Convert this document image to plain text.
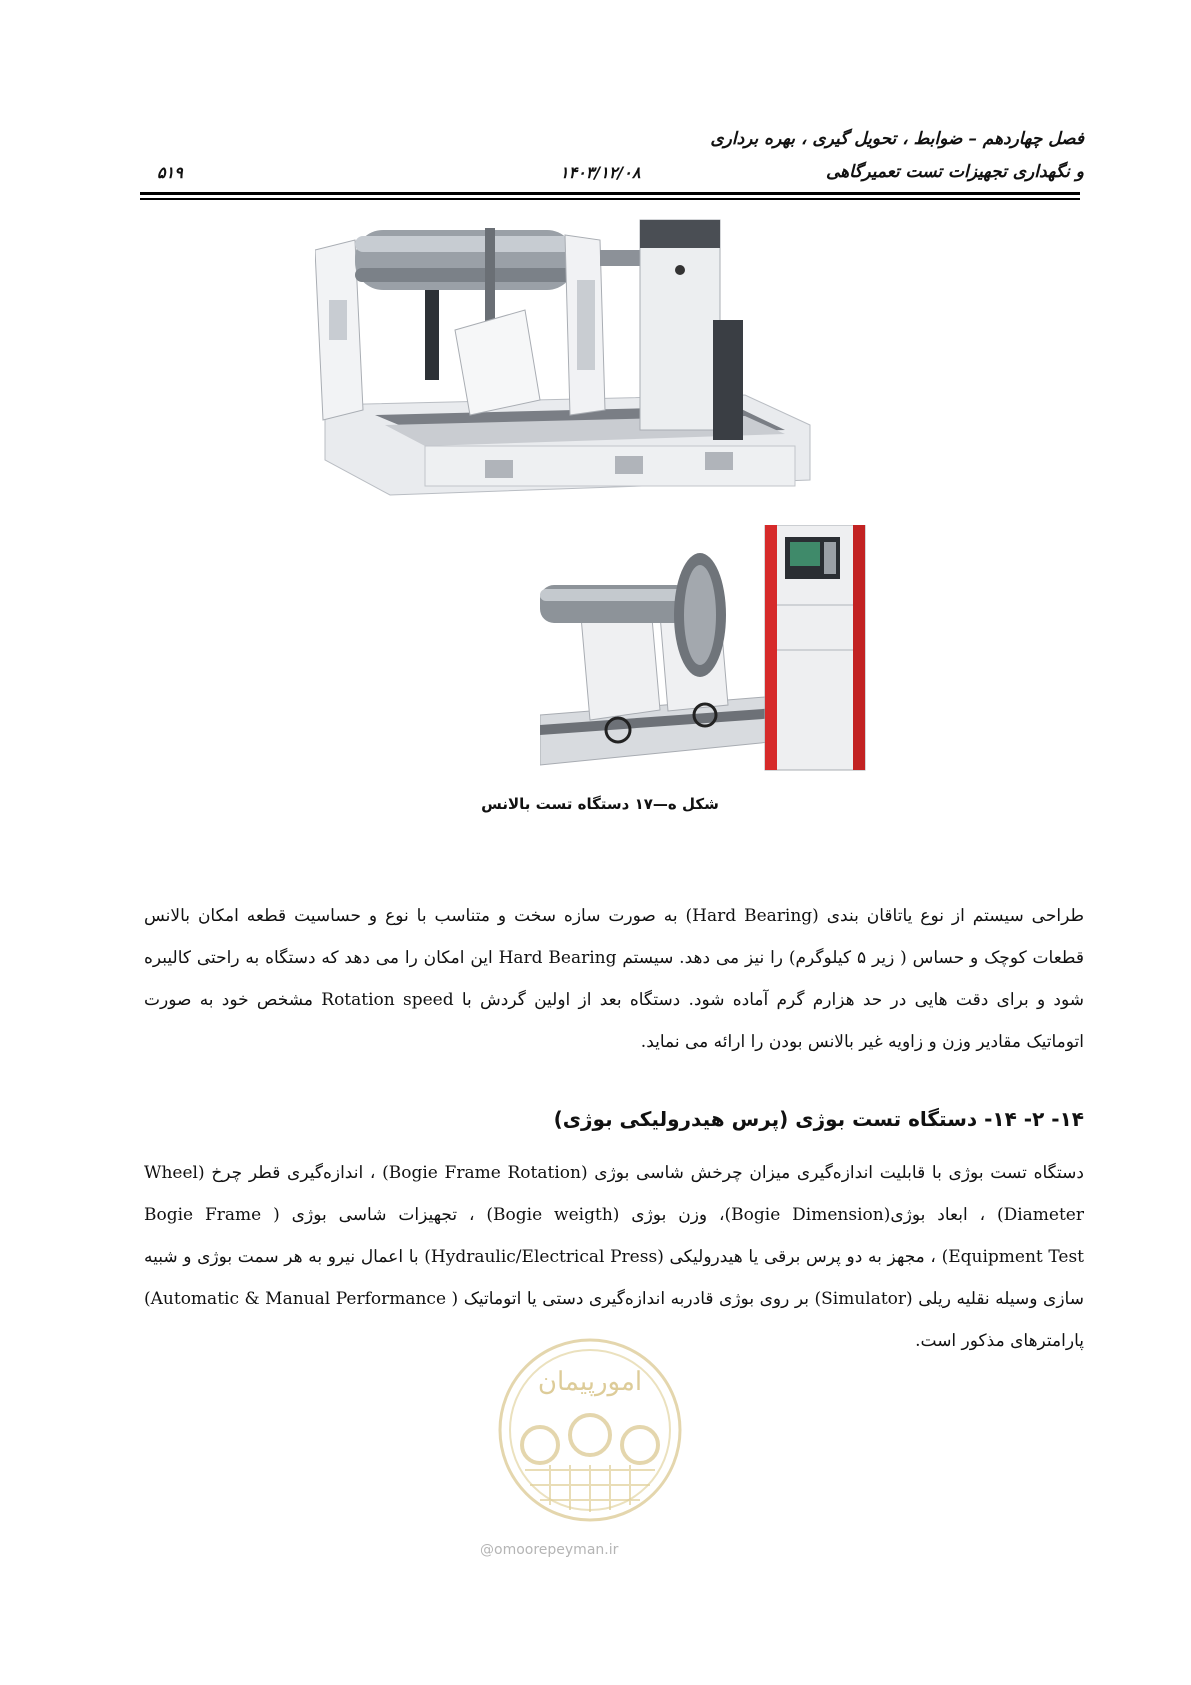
فصل چهاردهم – ضوابط ، تحویل گیری ، بهره برداری
و نگهداری تجهیزات تست تعمیرگاهی
۱۴۰۳/۱۲/۰۸
۵۱۹
شکل ه—۱۷ دستگاه تست بالانس
طراحی سیستم از نوع یاتاقان بندی (Hard Bearing) به صورت سازه سخت و متناسب با نوع و حساسیت قطعه امکان بالانس قطعات کوچک و حساس ( زیر ۵ کیلوگرم) را نیز می دهد. سیستم Hard Bearing این امکان را می دهد که دستگاه به راحتی کالیبره شود و برای دقت هایی در حد هزارم گرم آماده شود. دستگاه بعد از اولین گردش با Rotation speed مشخص خود به صورت اتوماتیک مقادیر وزن و زاویه غیر بالانس بودن را ارائه می نماید.
۱۴- ۲- ۱۴- دستگاه تست بوژی (پرس هیدرولیکی بوژی)
دستگاه تست بوژی با قابلیت اندازه‌گیری میزان چرخش شاسی بوژی (Bogie Frame Rotation) ، اندازه‌گیری قطر چرخ (Wheel Diameter) ، ابعاد بوژی(Bogie Dimension)، وزن بوژی (Bogie weigth) ، تجهیزات شاسی بوژی ( Bogie Frame Equipment Test) ، مجهز به دو پرس برقی یا هیدرولیکی (Hydraulic/Electrical Press) با اعمال نیرو به هر سمت بوژی و شبیه سازی وسیله نقلیه ریلی (Simulator) بر روی بوژی قادربه اندازه‌گیری دستی یا اتوماتیک ( Automatic & Manual Performance) پارامترهای مذکور است.
امورپیمان
@omoorepeyman.ir
